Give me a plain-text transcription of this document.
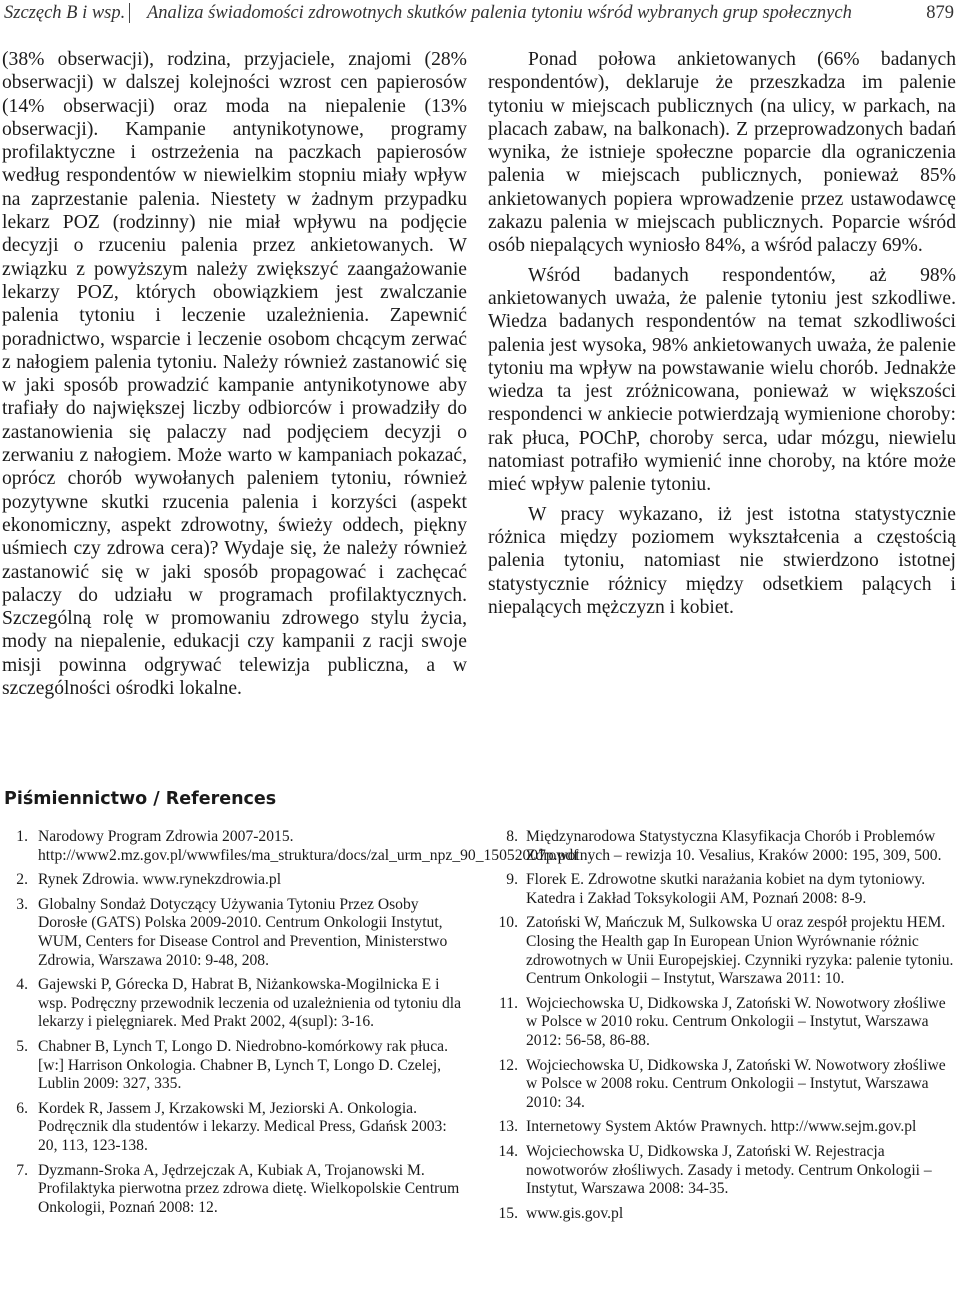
Szczęch B i wsp. Analiza świadomości zdrowotnych skutków palenia tytoniu wśród wybranych grup społecznych	879

(38% obserwacji), rodzina, przyjaciele, znajomi (28% obserwacji) w dalszej kolejności wzrost cen papierosów (14% obserwacji) oraz moda na niepalenie (13% obserwacji). Kampanie antynikotynowe, programy profilaktyczne i ostrzeżenia na paczkach papierosów według respondentów w niewielkim stopniu miały wpływ na zaprzestanie palenia. Niestety w żadnym przypadku lekarz POZ (rodzinny) nie miał wpływu na podjęcie decyzji o rzuceniu palenia przez ankietowanych. W związku z powyższym należy zwiększyć zaangażowanie lekarzy POZ, których obowiązkiem jest zwalczanie palenia tytoniu i leczenie uzależnienia. Zapewnić poradnictwo, wsparcie i leczenie osobom chcącym zerwać z nałogiem palenia tytoniu. Należy również zastanowić się w jaki sposób prowadzić kampanie antynikotynowe aby trafiały do największej liczby odbiorców i prowadziły do zastanowienia się palaczy nad podjęciem decyzji o zerwaniu z nałogiem. Może warto w kampaniach pokazać, oprócz chorób wywołanych paleniem tytoniu, również pozytywne skutki rzucenia palenia i korzyści (aspekt ekonomiczny, aspekt zdrowotny, świeży oddech, piękny uśmiech czy zdrowa cera)? Wydaje się, że należy również zastanowić się w jaki sposób propagować i zachęcać palaczy do udziału w programach profilaktycznych. Szczególną rolę w promowaniu zdrowego stylu życia, mody na niepalenie, edukacji czy kampanii z racji swoje misji powinna odgrywać telewizja publiczna, a w szczególności ośrodki lokalne.

Ponad połowa ankietowanych (66% badanych respondentów), deklaruje że przeszkadza im palenie tytoniu w miejscach publicznych (na ulicy, w parkach, na placach zabaw, na balkonach). Z przeprowadzonych badań wynika, że istnieje społeczne poparcie dla ograniczenia palenia w miejscach publicznych, ponieważ 85% ankietowanych popiera wprowadzenie przez ustawodawcę zakazu palenia w miejscach publicznych. Poparcie wśród osób niepalących wyniosło 84%, a wśród palaczy 69%.

Wśród badanych respondentów, aż 98% ankietowanych uważa, że palenie tytoniu jest szkodliwe. Wiedza badanych respondentów na temat szkodliwości palenia jest wysoka, 98% ankietowanych uważa, że palenie tytoniu ma wpływ na powstawanie wielu chorób. Jednakże wiedza ta jest zróżnicowana, ponieważ w większości respondenci w ankiecie potwierdzają wymienione choroby: rak płuca, POChP, choroby serca, udar mózgu, niewielu natomiast potrafiło wymienić inne choroby, na które może mieć wpływ palenie tytoniu.

W pracy wykazano, iż jest istotna statystycznie różnica między poziomem wykształcenia a częstością palenia tytoniu, natomiast nie stwierdzono istotnej statystycznie różnicy między odsetkiem palących i niepalących mężczyzn i kobiet.

Piśmiennictwo / References
1. Narodowy Program Zdrowia 2007-2015. http://www2.mz.gov.pl/wwwfiles/ma_struktura/docs/zal_urm_npz_90_15052007p.pdf
2. Rynek Zdrowia. www.rynekzdrowia.pl
3. Globalny Sondaż Dotyczący Używania Tytoniu Przez Osoby Dorosłe (GATS) Polska 2009-2010. Centrum Onkologii Instytut, WUM, Centers for Disease Control and Prevention, Ministerstwo Zdrowia, Warszawa 2010: 9-48, 208.
4. Gajewski P, Górecka D, Habrat B, Niżankowska-Mogilnicka E i wsp. Podręczny przewodnik leczenia od uzależnienia od tytoniu dla lekarzy i pielęgniarek. Med Prakt 2002, 4(supl): 3-16.
5. Chabner B, Lynch T, Longo D. Niedrobno-komórkowy rak płuca. [w:] Harrison Onkologia. Chabner B, Lynch T, Longo D. Czelej, Lublin 2009: 327, 335.
6. Kordek R, Jassem J, Krzakowski M, Jeziorski A. Onkologia. Podręcznik dla studentów i lekarzy. Medical Press, Gdańsk 2003: 20, 113, 123-138.
7. Dyzmann-Sroka A, Jędrzejczak A, Kubiak A, Trojanowski M. Profilaktyka pierwotna przez zdrowa dietę. Wielkopolskie Centrum Onkologii, Poznań 2008: 12.
8. Międzynarodowa Statystyczna Klasyfikacja Chorób i Problemów Zdrowotnych – rewizja 10. Vesalius, Kraków 2000: 195, 309, 500.
9. Florek E. Zdrowotne skutki narażania kobiet na dym tytoniowy. Katedra i Zakład Toksykologii AM, Poznań 2008: 8-9.
10. Zatoński W, Mańczuk M, Sulkowska U oraz zespół projektu HEM. Closing the Health gap In European Union Wyrównanie różnic zdrowotnych w Unii Europejskiej. Czynniki ryzyka: palenie tytoniu. Centrum Onkologii – Instytut, Warszawa 2011: 10.
11. Wojciechowska U, Didkowska J, Zatoński W. Nowotwory złośliwe w Polsce w 2010 roku. Centrum Onkologii – Instytut, Warszawa 2012: 56-58, 86-88.
12. Wojciechowska U, Didkowska J, Zatoński W. Nowotwory złośliwe w Polsce w 2008 roku. Centrum Onkologii – Instytut, Warszawa 2010: 34.
13. Internetowy System Aktów Prawnych. http://www.sejm.gov.pl
14. Wojciechowska U, Didkowska J, Zatoński W. Rejestracja nowotworów złośliwych. Zasady i metody. Centrum Onkologii – Instytut, Warszawa 2008: 34-35.
15. www.gis.gov.pl
